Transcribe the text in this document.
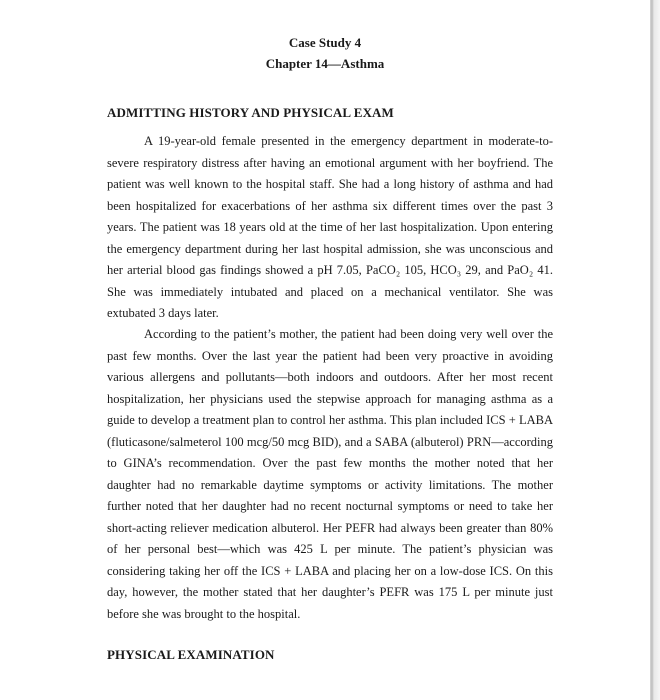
Case Study 4
Chapter 14—Asthma
ADMITTING HISTORY AND PHYSICAL EXAM

A 19-year-old female presented in the emergency department in moderate-to-severe respiratory distress after having an emotional argument with her boyfriend. The patient was well known to the hospital staff. She had a long history of asthma and had been hospitalized for exacerbations of her asthma six different times over the past 3 years. The patient was 18 years old at the time of her last hospitalization. Upon entering the emergency department during her last hospital admission, she was unconscious and her arterial blood gas findings showed a pH 7.05, PaCO₂ 105, HCO₃ 29, and PaO₂ 41. She was immediately intubated and placed on a mechanical ventilator. She was extubated 3 days later.

According to the patient’s mother, the patient had been doing very well over the past few months. Over the last year the patient had been very proactive in avoiding various allergens and pollutants—both indoors and outdoors. After her most recent hospitalization, her physicians used the stepwise approach for managing asthma as a guide to develop a treatment plan to control her asthma. This plan included ICS + LABA (fluticasone/salmeterol 100 mcg/50 mcg BID), and a SABA (albuterol) PRN—according to GINA’s recommendation. Over the past few months the mother noted that her daughter had no remarkable daytime symptoms or activity limitations. The mother further noted that her daughter had no recent nocturnal symptoms or need to take her short-acting reliever medication albuterol. Her PEFR had always been greater than 80% of her personal best—which was 425 L per minute. The patient’s physician was considering taking her off the ICS + LABA and placing her on a low-dose ICS. On this day, however, the mother stated that her daughter’s PEFR was 175 L per minute just before she was brought to the hospital.

PHYSICAL EXAMINATION
